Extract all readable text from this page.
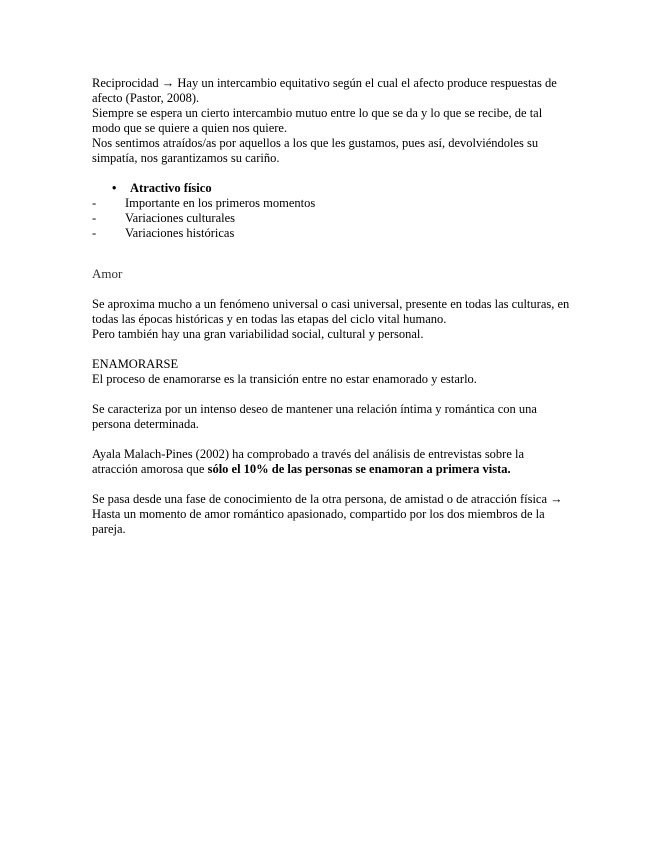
Reciprocidad → Hay un intercambio equitativo según el cual el afecto produce respuestas de afecto (Pastor, 2008).

Siempre se espera un cierto intercambio mutuo entre lo que se da y lo que se recibe, de tal modo que se quiere a quien nos quiere.

Nos sentimos atraídos/as por aquellos a los que les gustamos, pues así, devolviéndoles su simpatía, nos garantizamos su cariño.

• Atractivo físico
- Importante en los primeros momentos
- Variaciones culturales
- Variaciones históricas

Amor

Se aproxima mucho a un fenómeno universal o casi universal, presente en todas las culturas, en todas las épocas históricas y en todas las etapas del ciclo vital humano.

Pero también hay una gran variabilidad social, cultural y personal.

ENAMORARSE

El proceso de enamorarse es la transición entre no estar enamorado y estarlo.

Se caracteriza por un intenso deseo de mantener una relación íntima y romántica con una persona determinada.

Ayala Malach-Pines (2002) ha comprobado a través del análisis de entrevistas sobre la atracción amorosa que sólo el 10% de las personas se enamoran a primera vista.

Se pasa desde una fase de conocimiento de la otra persona, de amistad o de atracción física → Hasta un momento de amor romántico apasionado, compartido por los dos miembros de la pareja.
